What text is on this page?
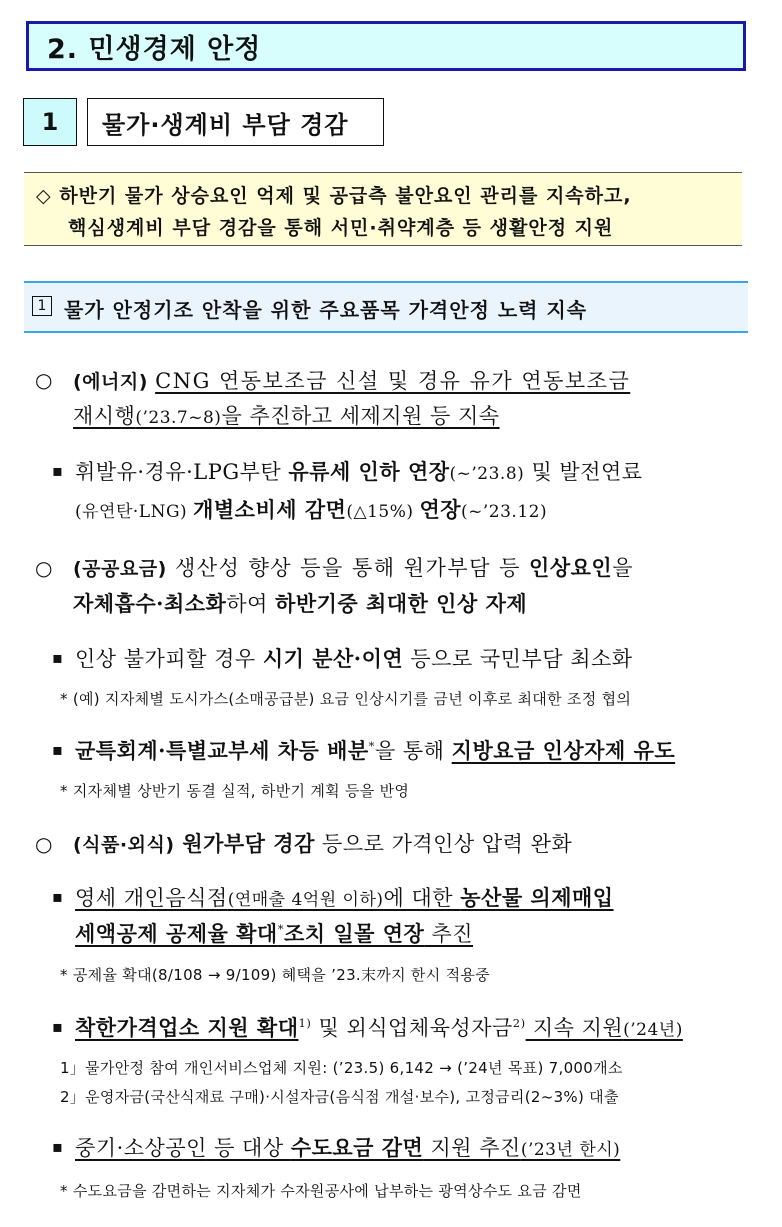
2. 민생경제 안정
1	물가·생계비 부담 경감
◇ 하반기 물가 상승요인 억제 및 공급측 불안요인 관리를 지속하고,
핵심생계비 부담 경감을 통해 서민·취약계층 등 생활안정 지원
1 물가 안정기조 안착을 위한 주요품목 가격안정 노력 지속
○ (에너지) CNG 연동보조금 신설 및 경유 유가 연동보조금
재시행(’23.7~8)을 추진하고 세제지원 등 지속
▪ 휘발유·경유·LPG부탄 유류세 인하 연장(~’23.8) 및 발전연료
(유연탄·LNG) 개별소비세 감면(△15%) 연장(~’23.12)
○ (공공요금) 생산성 향상 등을 통해 원가부담 등 인상요인을
자체흡수·최소화하여 하반기중 최대한 인상 자제
▪ 인상 불가피할 경우 시기 분산·이연 등으로 국민부담 최소화
* (예) 지자체별 도시가스(소매공급분) 요금 인상시기를 금년 이후로 최대한 조정 협의
▪ 균특회계·특별교부세 차등 배분*을 통해 지방요금 인상자제 유도
* 지자체별 상반기 동결 실적, 하반기 계획 등을 반영
○ (식품·외식) 원가부담 경감 등으로 가격인상 압력 완화
▪ 영세 개인음식점(연매출 4억원 이하)에 대한 농산물 의제매입
세액공제 공제율 확대*조치 일몰 연장 추진
* 공제율 확대(8/108 → 9/109) 혜택을 ’23.末까지 한시 적용중
▪ 착한가격업소 지원 확대$^{1)}$ 및 외식업체육성자금$^{2)}$ 지속 지원(’24년)
1」물가안정 참여 개인서비스업체 지원: (’23.5) 6,142 → (’24년 목표) 7,000개소
2」운영자금(국산식재료 구매)·시설자금(음식점 개설·보수), 고정금리(2~3%) 대출
▪ 중기·소상공인 등 대상 수도요금 감면 지원 추진(’23년 한시)
* 수도요금을 감면하는 지자체가 수자원공사에 납부하는 광역상수도 요금 감면
